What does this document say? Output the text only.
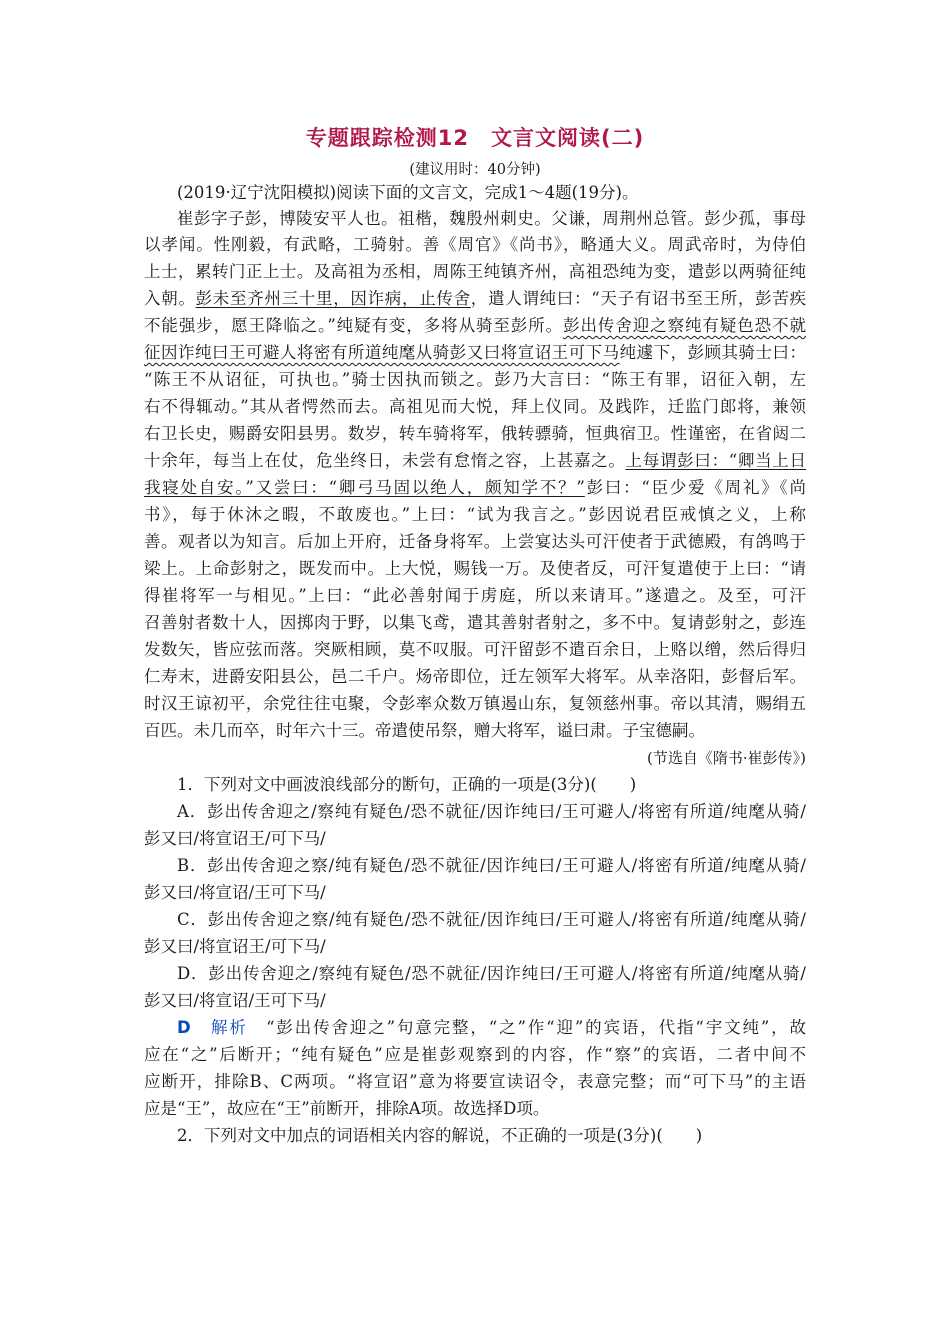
专题跟踪检测12　文言文阅读(二)
(建议用时：40分钟)
(2019·辽宁沈阳模拟)阅读下面的文言文，完成1～4题(19分)。
崔彭字子彭，博陵安平人也。祖楷，魏殷州刺史。父谦，周荆州总管。彭少孤，事母
以孝闻。性刚毅，有武略，工骑射。善《周官》《尚书》，略通大义。周武帝时，为侍伯
上士，累转门正上士。及高祖为丞相，周陈王纯镇齐州，高祖恐纯为变，遣彭以两骑征纯
入朝。彭未至齐州三十里，因诈病，止传舍，遣人谓纯曰：“天子有诏书至王所，彭苦疾
不能强步，愿王降临之。”纯疑有变，多将从骑至彭所。彭出传舍迎之察纯有疑色恐不就
征因诈纯曰王可避人将密有所道纯麾从骑彭又曰将宣诏王可下马纯遽下，彭顾其骑士曰：
“陈王不从诏征，可执也。”骑士因执而锁之。彭乃大言曰：“陈王有罪，诏征入朝，左
右不得辄动。”其从者愕然而去。高祖见而大悦，拜上仪同。及践阼，迁监门郎将，兼领
右卫长史，赐爵安阳县男。数岁，转车骑将军，俄转骠骑，恒典宿卫。性谨密，在省闼二
十余年，每当上在仗，危坐终日，未尝有怠惰之容，上甚嘉之。上每谓彭曰：“卿当上日
我寝处自安。”又尝曰：“卿弓马固以绝人，颇知学不？”彭曰：“臣少爱《周礼》《尚
书》，每于休沐之暇，不敢废也。”上曰：“试为我言之。”彭因说君臣戒慎之义，上称
善。观者以为知言。后加上开府，迁备身将军。上尝宴达头可汗使者于武德殿，有鸽鸣于
梁上。上命彭射之，既发而中。上大悦，赐钱一万。及使者反，可汗复遣使于上曰：“请
得崔将军一与相见。”上曰：“此必善射闻于虏庭，所以来请耳。”遂遣之。及至，可汗
召善射者数十人，因掷肉于野，以集飞鸢，遣其善射者射之，多不中。复请彭射之，彭连
发数矢，皆应弦而落。突厥相顾，莫不叹服。可汗留彭不遣百余日，上赂以缯，然后得归
仁寿末，进爵安阳县公，邑二千户。炀帝即位，迁左领军大将军。从幸洛阳，彭督后军。
时汉王谅初平，余党往往屯聚，令彭率众数万镇遏山东，复领慈州事。帝以其清，赐绢五
百匹。未几而卒，时年六十三。帝遣使吊祭，赠大将军，谥曰肃。子宝德嗣。
(节选自《隋书·崔彭传》)
1．下列对文中画波浪线部分的断句，正确的一项是(3分)(　　)
A．彭出传舍迎之/察纯有疑色/恐不就征/因诈纯曰/王可避人/将密有所道/纯麾从骑/
彭又曰/将宣诏王/可下马/
B．彭出传舍迎之察/纯有疑色/恐不就征/因诈纯曰/王可避人/将密有所道/纯麾从骑/
彭又曰/将宣诏/王可下马/
C．彭出传舍迎之察/纯有疑色/恐不就征/因诈纯曰/王可避人/将密有所道/纯麾从骑/
彭又曰/将宣诏王/可下马/
D．彭出传舍迎之/察纯有疑色/恐不就征/因诈纯曰/王可避人/将密有所道/纯麾从骑/
彭又曰/将宣诏/王可下马/
D　 解析　 “彭出传舍迎之”句意完整，“之”作“迎”的宾语，代指“宇文纯”，故
应在“之”后断开；“纯有疑色”应是崔彭观察到的内容，作“察”的宾语，二者中间不
应断开，排除B、C两项。“将宣诏”意为将要宣读诏令，表意完整；而“可下马”的主语
应是“王”，故应在“王”前断开，排除A项。故选择D项。
2．下列对文中加点的词语相关内容的解说，不正确的一项是(3分)(　　)
